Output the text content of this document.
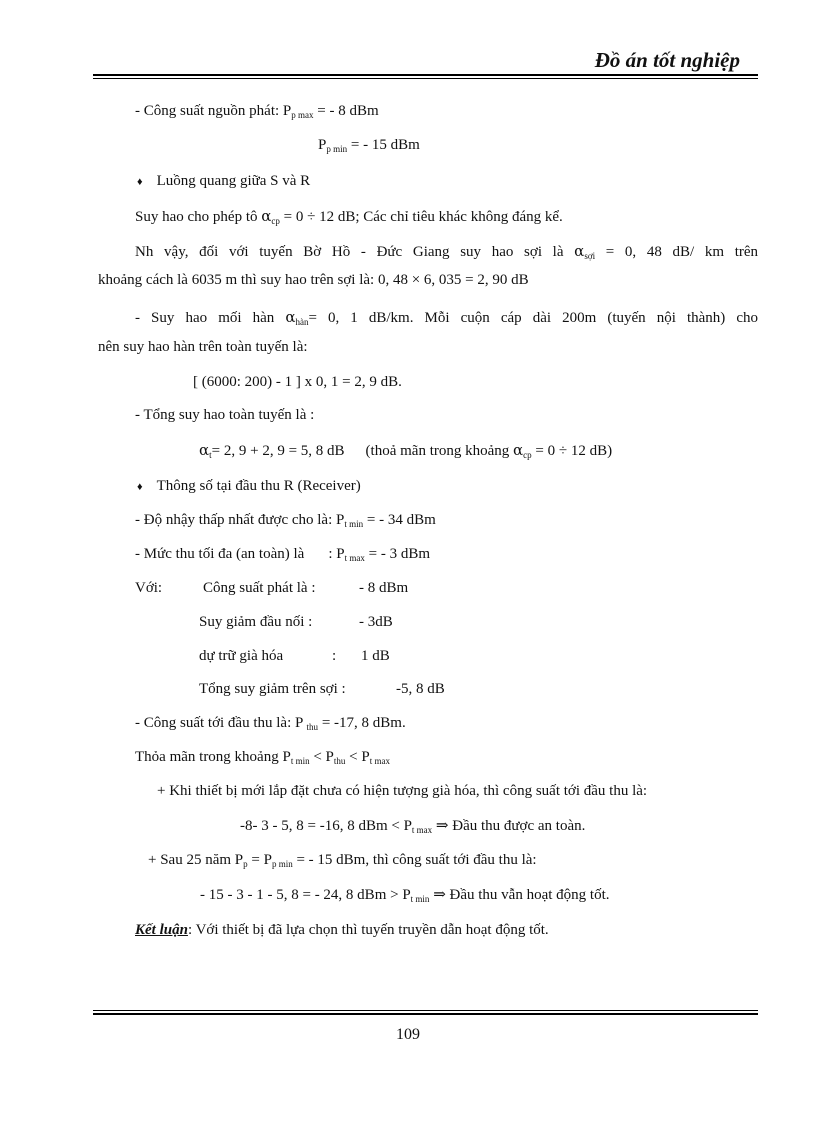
Đồ án tốt nghiệp
- Công suất nguồn phát: $P_{p max}$ = - 8 dBm
$P_{p min}$ = - 15 dBm
♦ Luồng quang giữa S và R
Suy hao cho phép tô $\alpha_{cp} = 0 \div 12$ dB; Các chỉ tiêu khác không đáng kể.
Nh vậy, đối với tuyến Bờ Hồ - Đức Giang suy hao sợi là $\alpha_{sợi} = 0$, 48 dB/ km trên
khoảng cách là 6035 m thì suy hao trên sợi là: 0, 48 × 6, 035 = 2, 90 dB
- Suy hao mối hàn $\alpha_{hàn}= 0$, 1 dB/km. Mỗi cuộn cáp dài 200m (tuyến nội thành) cho
nên suy hao hàn trên toàn tuyến là:
[ (6000: 200) - 1 ] x 0, 1 = 2, 9 dB.
- Tổng suy hao toàn tuyến là :
$\alpha_t= 2$, 9 + 2, 9 = 5, 8 dB (thoả mãn trong khoảng $\alpha_{cp} = 0 \div 12$ dB)
♦ Thông số tại đầu thu R (Receiver)
- Độ nhậy thấp nhất được cho là: $P_{t min}$ = - 34 dBm
- Mức thu tối đa (an toàn) là : $P_{t max}$ = - 3 dBm
Với:	Công suất phát là :	- 8 dBm
Suy giảm đầu nối :	- 3dB
dự trữ già hóa	: 1 dB
Tổng suy giảm trên sợi :	-5, 8 dB
- Công suất tới đầu thu là: P $_{thu}$ = -17, 8 dBm.
Thỏa mãn trong khoảng $P_{t min} < P_{thu} < P_{t max}$
+ Khi thiết bị mới lắp đặt chưa có hiện tượng già hóa, thì công suất tới đầu thu là:
-8- 3 - 5, 8 = -16, 8 dBm < $P_{t max}$ ⇒ Đầu thu được an toàn.
+ Sau 25 năm $P_p = P_{p min}$ = - 15 dBm, thì công suất tới đầu thu là:
- 15 - 3 - 1 - 5, 8 = - 24, 8 dBm > $P_{t min}$ ⇒ Đầu thu vẫn hoạt động tốt.
Kết luận: Với thiết bị đã lựa chọn thì tuyến truyền dẫn hoạt động tốt.
109
